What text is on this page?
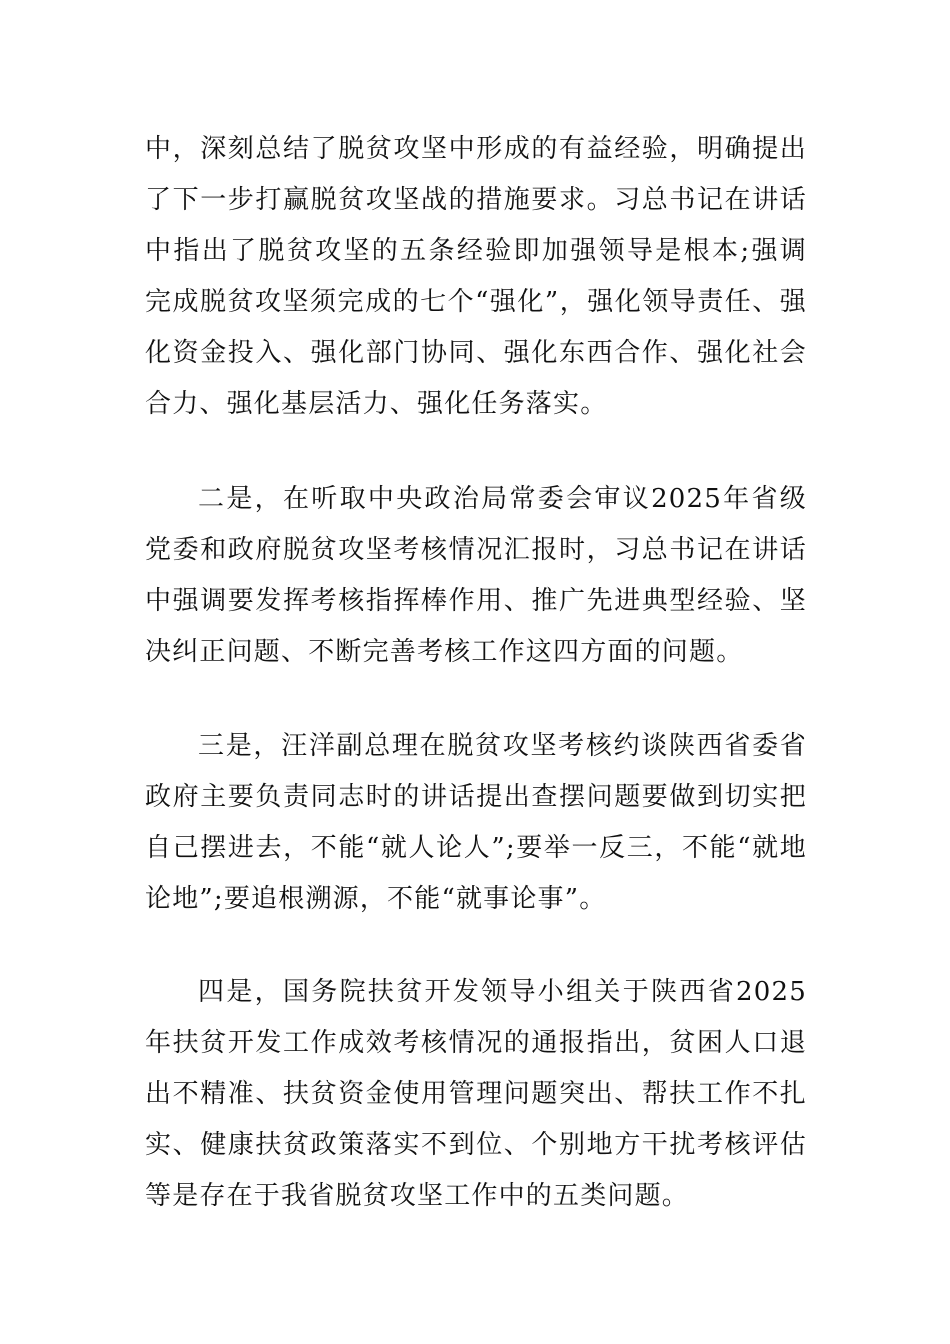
中，深刻总结了脱贫攻坚中形成的有益经验，明确提出了下一步打赢脱贫攻坚战的措施要求。习总书记在讲话中指出了脱贫攻坚的五条经验即加强领导是根本;强调完成脱贫攻坚须完成的七个“强化”，强化领导责任、强化资金投入、强化部门协同、强化东西合作、强化社会合力、强化基层活力、强化任务落实。

二是，在听取中央政治局常委会审议2025年省级党委和政府脱贫攻坚考核情况汇报时，习总书记在讲话中强调要发挥考核指挥棒作用、推广先进典型经验、坚决纠正问题、不断完善考核工作这四方面的问题。

三是，汪洋副总理在脱贫攻坚考核约谈陕西省委省政府主要负责同志时的讲话提出查摆问题要做到切实把自己摆进去，不能“就人论人”;要举一反三，不能“就地论地”;要追根溯源，不能“就事论事”。

四是，国务院扶贫开发领导小组关于陕西省2025年扶贫开发工作成效考核情况的通报指出，贫困人口退出不精准、扶贫资金使用管理问题突出、帮扶工作不扎实、健康扶贫政策落实不到位、个别地方干扰考核评估等是存在于我省脱贫攻坚工作中的五类问题。
